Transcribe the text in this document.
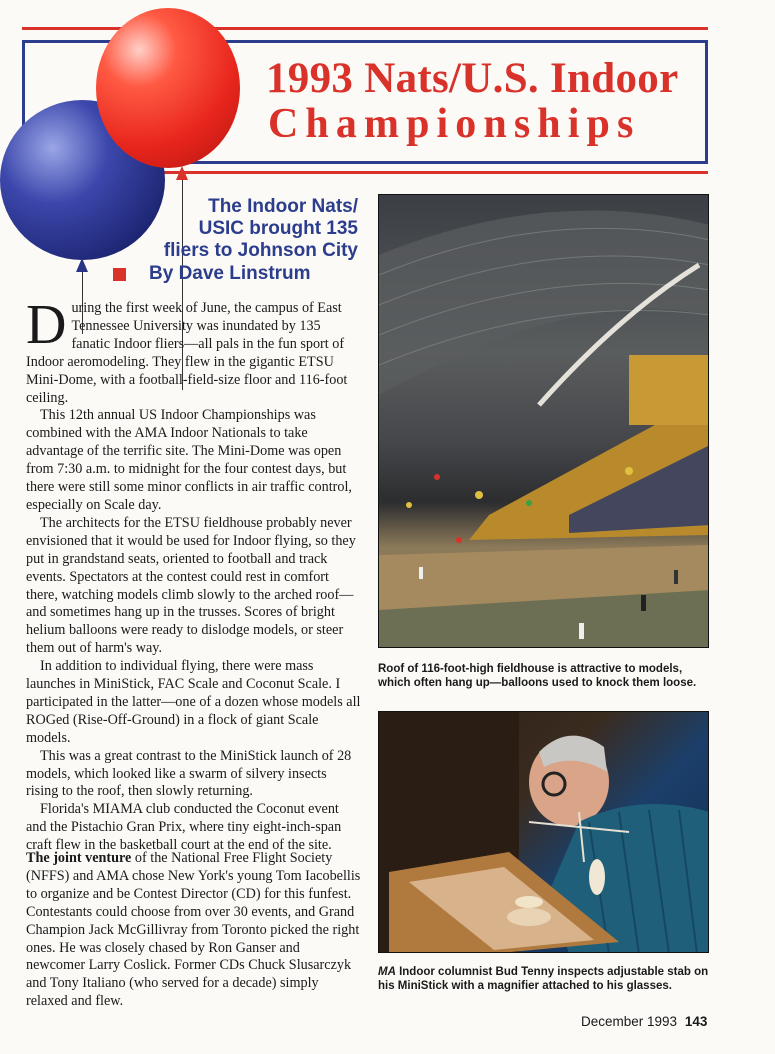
1993 Nats/U.S. Indoor
Championships
The Indoor Nats/
USIC brought 135
fliers to Johnson City
By Dave Linstrum

During the first week of June, the campus of East Tennessee University was inundated by 135 fanatic Indoor fliers—all pals in the fun sport of Indoor aeromodeling. They flew in the gigantic ETSU Mini-Dome, with a football-field-size floor and 116-foot ceiling.

This 12th annual US Indoor Championships was combined with the AMA Indoor Nationals to take advantage of the terrific site. The Mini-Dome was open from 7:30 a.m. to midnight for the four contest days, but there were still some minor conflicts in air traffic control, especially on Scale day.

The architects for the ETSU fieldhouse probably never envisioned that it would be used for Indoor flying, so they put in grandstand seats, oriented to football and track events. Spectators at the contest could rest in comfort there, watching models climb slowly to the arched roof—and sometimes hang up in the trusses. Scores of bright helium balloons were ready to dislodge models, or steer them out of harm's way.

In addition to individual flying, there were mass launches in MiniStick, FAC Scale and Coconut Scale. I participated in the latter—one of a dozen whose models all ROGed (Rise-Off-Ground) in a flock of giant Scale models.

This was a great contrast to the MiniStick launch of 28 models, which looked like a swarm of silvery insects rising to the roof, then slowly returning.

Florida's MIAMA club conducted the Coconut event and the Pistachio Gran Prix, where tiny eight-inch-span craft flew in the basketball court at the end of the site.

The joint venture of the National Free Flight Society (NFFS) and AMA chose New York's young Tom Iacobellis to organize and be Contest Director (CD) for this funfest. Contestants could choose from over 30 events, and Grand Champion Jack McGillivray from Toronto picked the right ones. He was closely chased by Ron Ganser and newcomer Larry Coslick. Former CDs Chuck Slusarczyk and Tony Italiano (who served for a decade) simply relaxed and flew.

Roof of 116-foot-high fieldhouse is attractive to models, which often hang up—balloons used to knock them loose.
MA Indoor columnist Bud Tenny inspects adjustable stab on his MiniStick with a magnifier attached to his glasses.
December 1993 143
